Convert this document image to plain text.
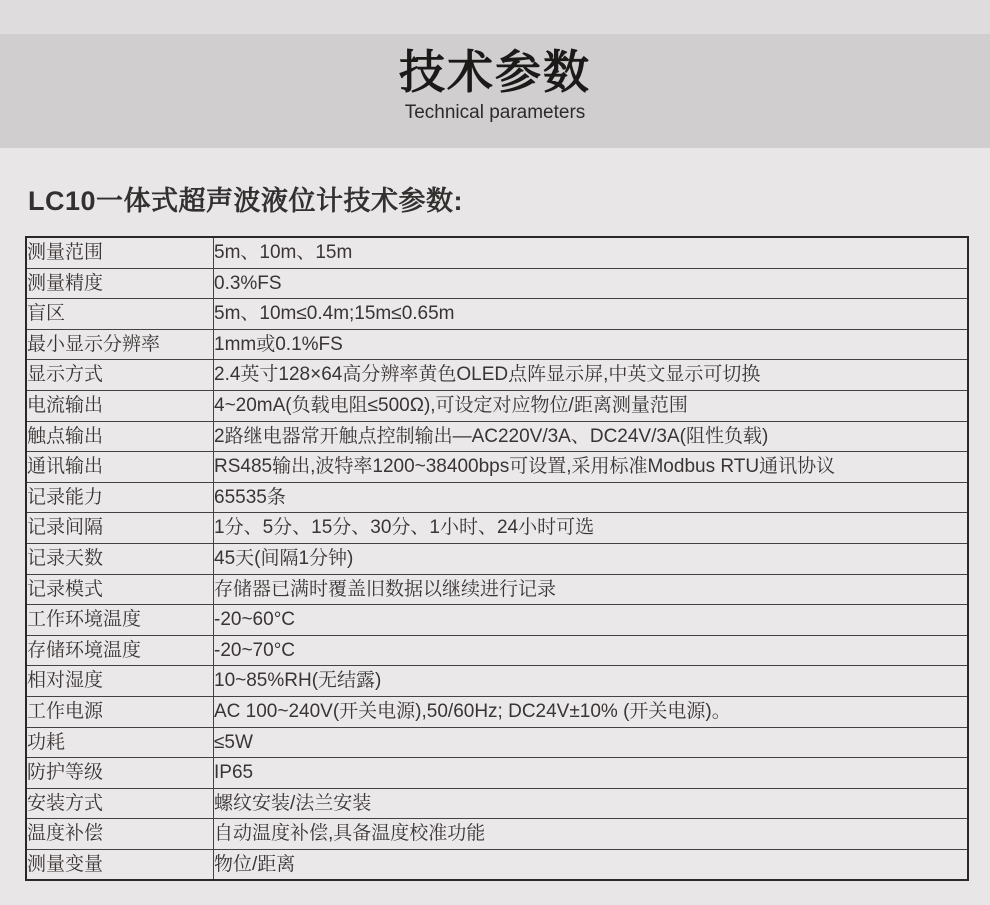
技术参数
Technical parameters
LC10一体式超声波液位计技术参数:
测量范围	5m、10m、15m
测量精度	0.3%FS
盲区	5m、10m≤0.4m;15m≤0.65m
最小显示分辨率	1mm或0.1%FS
显示方式	2.4英寸128×64高分辨率黄色OLED点阵显示屏,中英文显示可切换
电流输出	4~20mA(负载电阻≤500Ω),可设定对应物位/距离测量范围
触点输出	2路继电器常开触点控制输出—AC220V/3A、DC24V/3A(阻性负载)
通讯输出	RS485输出,波特率1200~38400bps可设置,采用标准Modbus RTU通讯协议
记录能力	65535条
记录间隔	1分、5分、15分、30分、1小时、24小时可选
记录天数	45天(间隔1分钟)
记录模式	存储器已满时覆盖旧数据以继续进行记录
工作环境温度	-20~60°C
存储环境温度	-20~70°C
相对湿度	10~85%RH(无结露)
工作电源	AC 100~240V(开关电源),50/60Hz; DC24V±10% (开关电源)。
功耗	≤5W
防护等级	IP65
安装方式	螺纹安装/法兰安装
温度补偿	自动温度补偿,具备温度校准功能
测量变量	物位/距离
